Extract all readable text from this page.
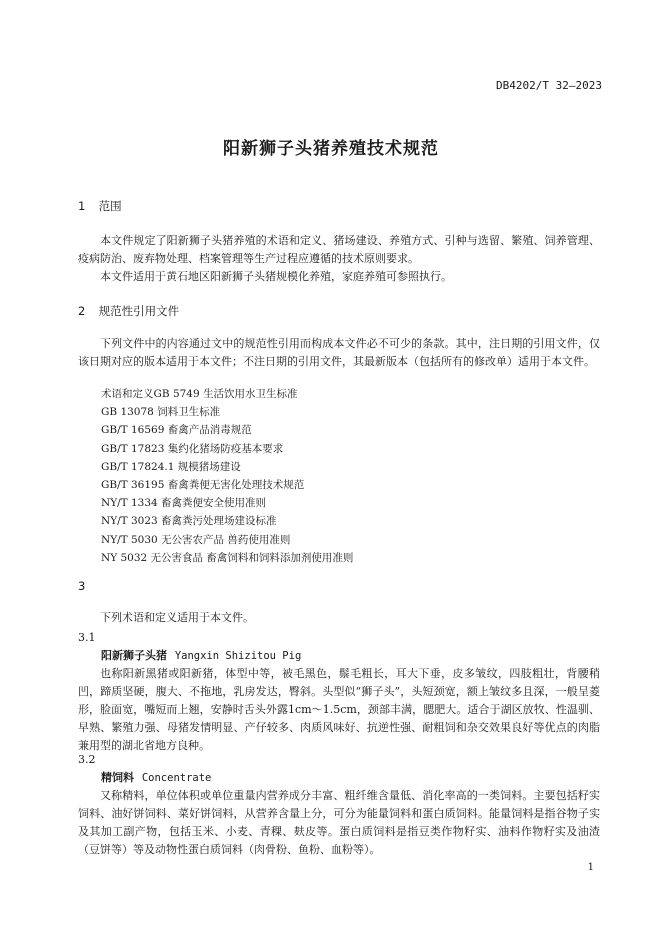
DB4202/T 32—2023
阳新狮子头猪养殖技术规范
1 范围

本文件规定了阳新狮子头猪养殖的术语和定义、猪场建设、养殖方式、引种与选留、繁殖、饲养管理、疫病防治、废弃物处理、档案管理等生产过程应遵循的技术原则要求。

本文件适用于黄石地区阳新狮子头猪规模化养殖，家庭养殖可参照执行。

2 规范性引用文件

下列文件中的内容通过文中的规范性引用而构成本文件必不可少的条款。其中，注日期的引用文件，仅该日期对应的版本适用于本文件；不注日期的引用文件，其最新版本（包括所有的修改单）适用于本文件。

术语和定义GB 5749 生活饮用水卫生标准
GB 13078 饲料卫生标准
GB/T 16569 畜禽产品消毒规范
GB/T 17823 集约化猪场防疫基本要求
GB/T 17824.1 规模猪场建设
GB/T 36195 畜禽粪便无害化处理技术规范
NY/T 1334 畜禽粪便安全使用准则
NY/T 3023 畜禽粪污处理场建设标准
NY/T 5030 无公害农产品 兽药使用准则
NY 5032 无公害食品 畜禽饲料和饲料添加剂使用准则
3

下列术语和定义适用于本文件。

3.1
阳新狮子头猪 Yangxin Shizitou Pig

也称阳新黑猪或阳新猪，体型中等，被毛黑色，鬃毛粗长，耳大下垂，皮多皱纹，四肢粗壮，背腰稍凹，蹄质坚硬，腹大、不拖地，乳房发达，臀斜。头型似“狮子头”，头短颈宽，额上皱纹多且深，一般呈菱形，脸面宽，嘴短而上翘，安静时舌头外露1cm～1.5cm，颈部丰满，腮肥大。适合于湖区放牧、性温驯、早熟、繁殖力强、母猪发情明显、产仔较多、肉质风味好、抗逆性强、耐粗饲和杂交效果良好等优点的肉脂兼用型的湖北省地方良种。

3.2
精饲料 Concentrate

又称精料，单位体积或单位重量内营养成分丰富、粗纤维含量低、消化率高的一类饲料。主要包括籽实饲料、油好饼饲料、菜好饼饲料，从营养含量上分，可分为能量饲料和蛋白质饲料。能量饲料是指谷物子实及其加工副产物，包括玉米、小麦、青稞、麸皮等。蛋白质饲料是指豆类作物籽实、油料作物籽实及油渣（豆饼等）等及动物性蛋白质饲料（肉骨粉、鱼粉、血粉等）。

1
